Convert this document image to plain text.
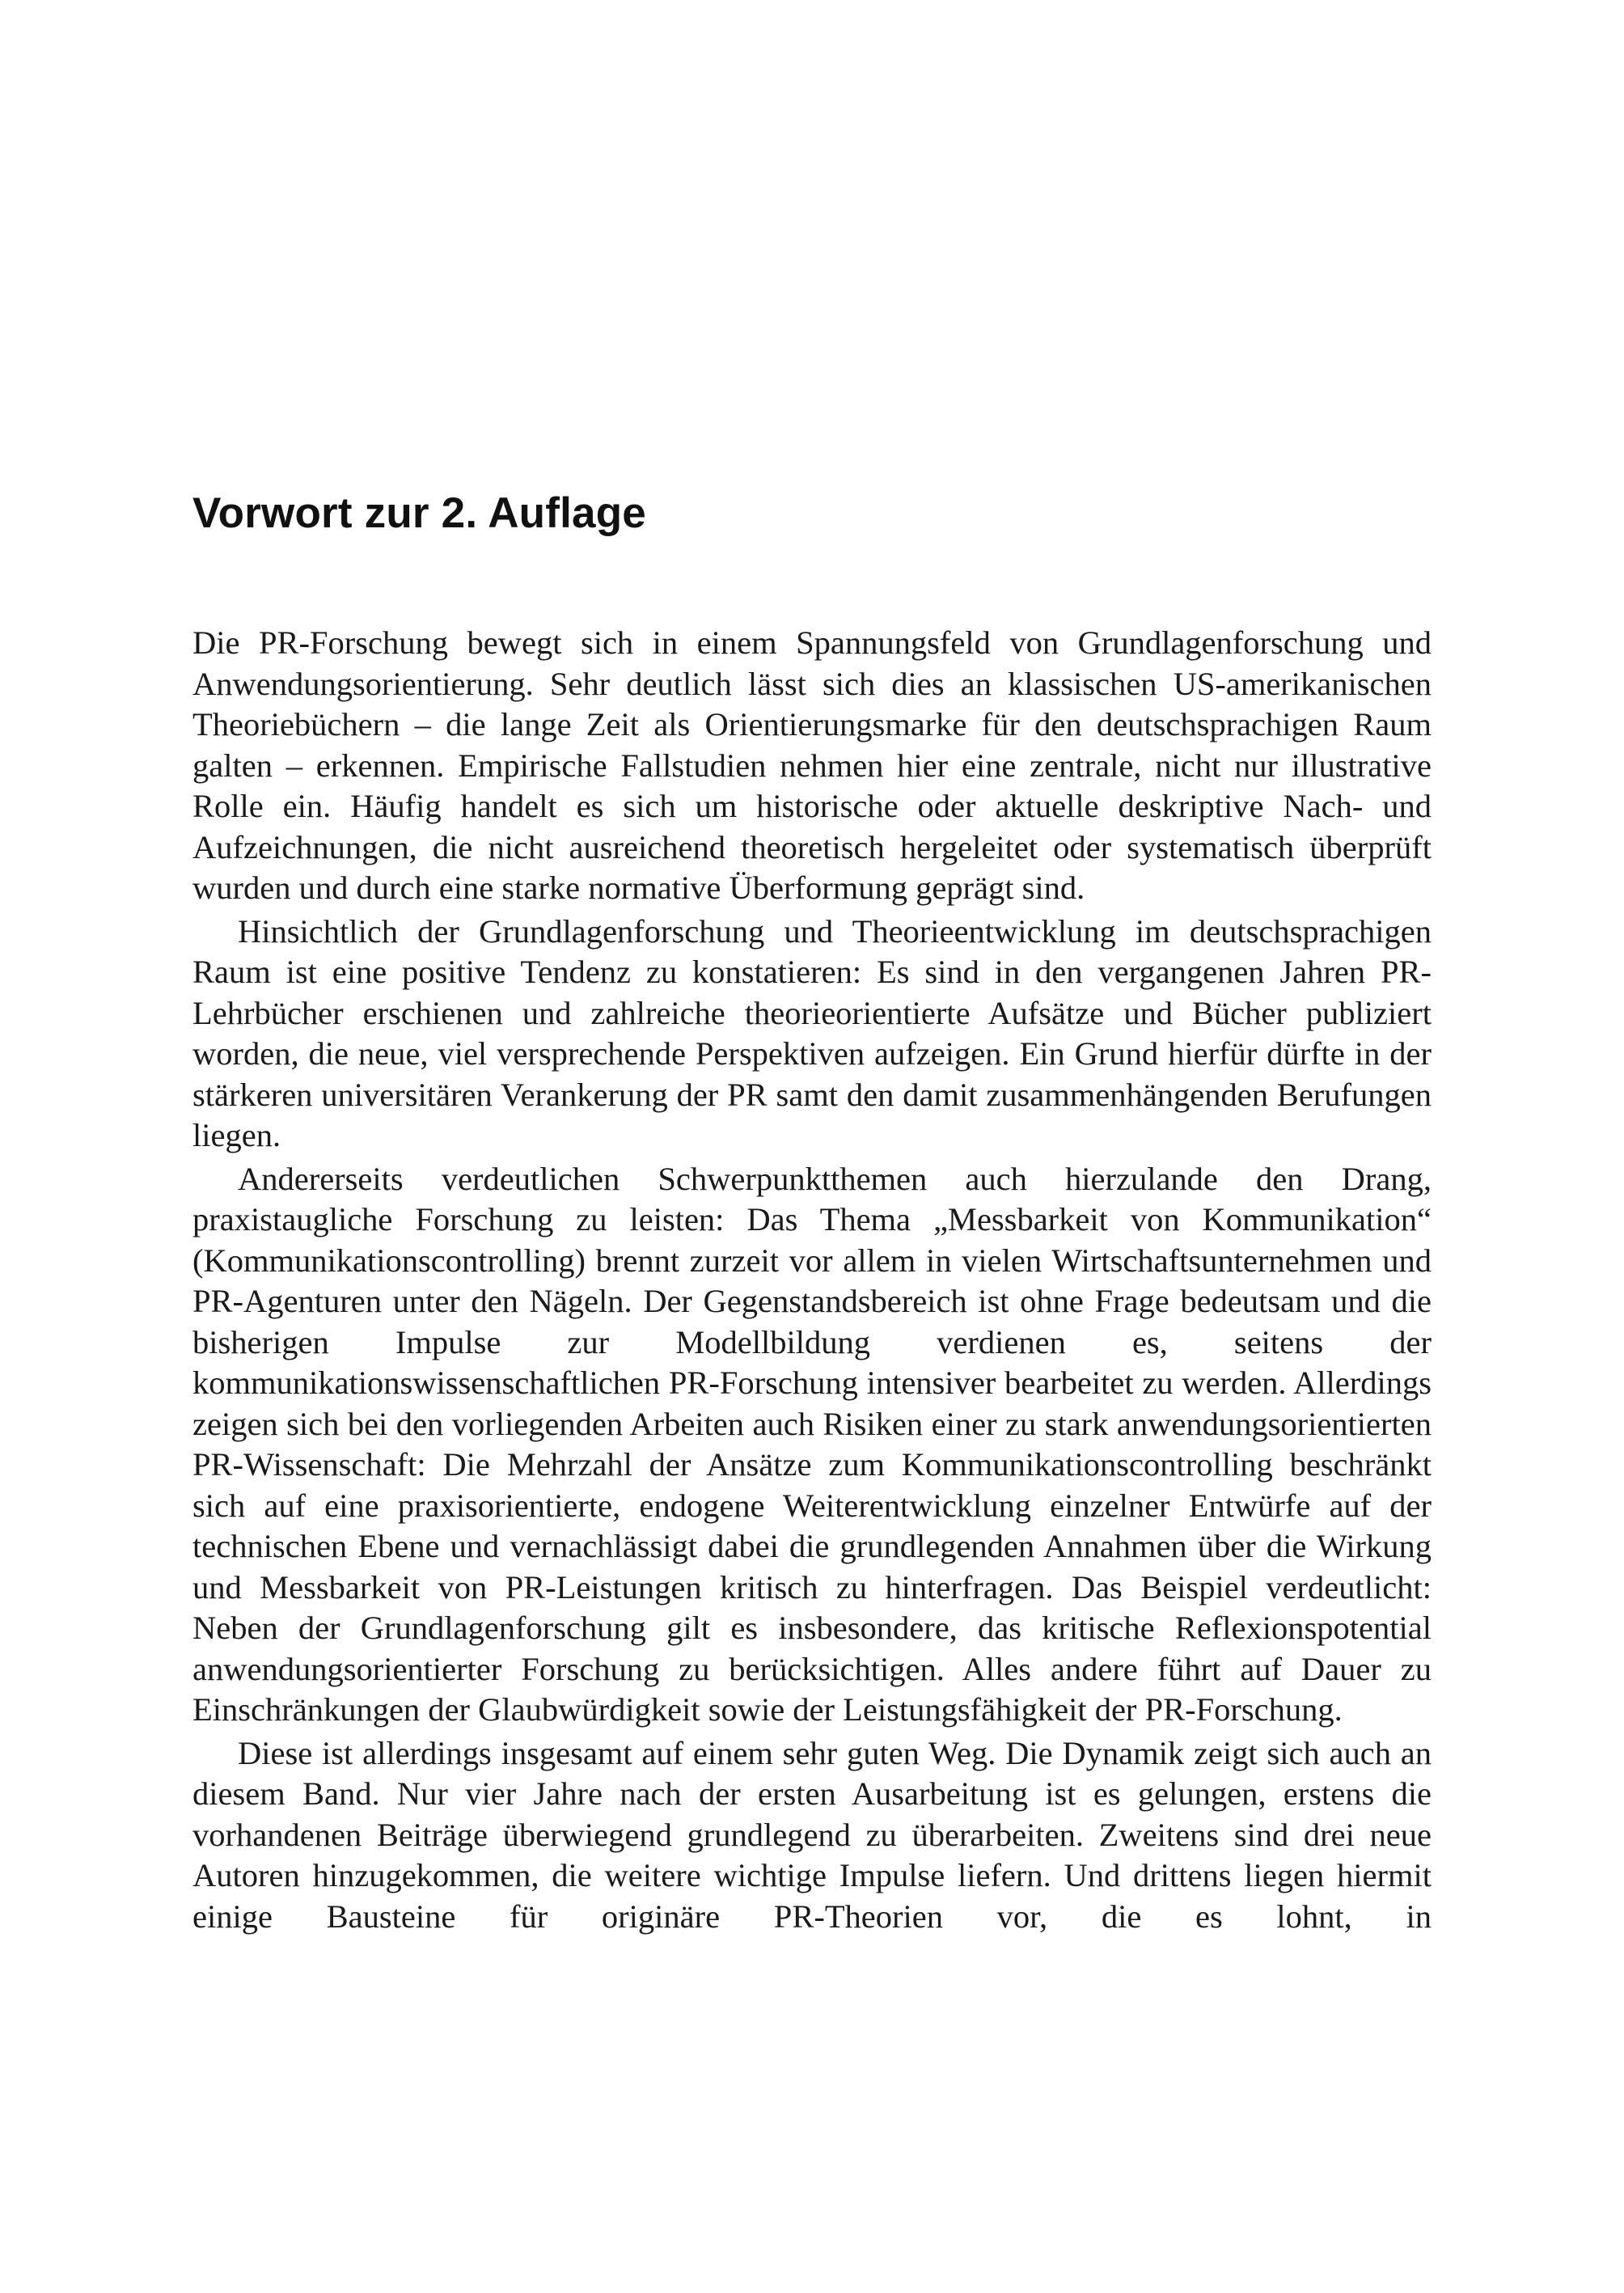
Vorwort zur 2. Auflage

Die PR-Forschung bewegt sich in einem Spannungsfeld von Grundlagenforschung und Anwendungsorientierung. Sehr deutlich lässt sich dies an klassischen US-amerikanischen Theoriebüchern – die lange Zeit als Orientierungsmarke für den deutschsprachigen Raum galten – erkennen. Empirische Fallstudien nehmen hier eine zentrale, nicht nur illustrative Rolle ein. Häufig handelt es sich um historische oder aktuelle deskriptive Nach- und Aufzeichnungen, die nicht ausreichend theoretisch hergeleitet oder systematisch überprüft wurden und durch eine starke normative Überformung geprägt sind.

Hinsichtlich der Grundlagenforschung und Theorieentwicklung im deutschsprachigen Raum ist eine positive Tendenz zu konstatieren: Es sind in den vergangenen Jahren PR-Lehrbücher erschienen und zahlreiche theorieorientierte Aufsätze und Bücher publiziert worden, die neue, viel versprechende Perspektiven aufzeigen. Ein Grund hierfür dürfte in der stärkeren universitären Verankerung der PR samt den damit zusammenhängenden Berufungen liegen.

Andererseits verdeutlichen Schwerpunktthemen auch hierzulande den Drang, praxistaugliche Forschung zu leisten: Das Thema „Messbarkeit von Kommunikation“ (Kommunikationscontrolling) brennt zurzeit vor allem in vielen Wirtschaftsunternehmen und PR-Agenturen unter den Nägeln. Der Gegenstandsbereich ist ohne Frage bedeutsam und die bisherigen Impulse zur Modellbildung verdienen es, seitens der kommunikationswissenschaftlichen PR-Forschung intensiver bearbeitet zu werden. Allerdings zeigen sich bei den vorliegenden Arbeiten auch Risiken einer zu stark anwendungsorientierten PR-Wissenschaft: Die Mehrzahl der Ansätze zum Kommunikationscontrolling beschränkt sich auf eine praxisorientierte, endogene Weiterentwicklung einzelner Entwürfe auf der technischen Ebene und vernachlässigt dabei die grundlegenden Annahmen über die Wirkung und Messbarkeit von PR-Leistungen kritisch zu hinterfragen. Das Beispiel verdeutlicht: Neben der Grundlagenforschung gilt es insbesondere, das kritische Reflexionspotential anwendungsorientierter Forschung zu berücksichtigen. Alles andere führt auf Dauer zu Einschränkungen der Glaubwürdigkeit sowie der Leistungsfähigkeit der PR-Forschung.

Diese ist allerdings insgesamt auf einem sehr guten Weg. Die Dynamik zeigt sich auch an diesem Band. Nur vier Jahre nach der ersten Ausarbeitung ist es gelungen, erstens die vorhandenen Beiträge überwiegend grundlegend zu überarbeiten. Zweitens sind drei neue Autoren hinzugekommen, die weitere wichtige Impulse liefern. Und drittens liegen hiermit einige Bausteine für originäre PR-Theorien vor, die es lohnt, in
